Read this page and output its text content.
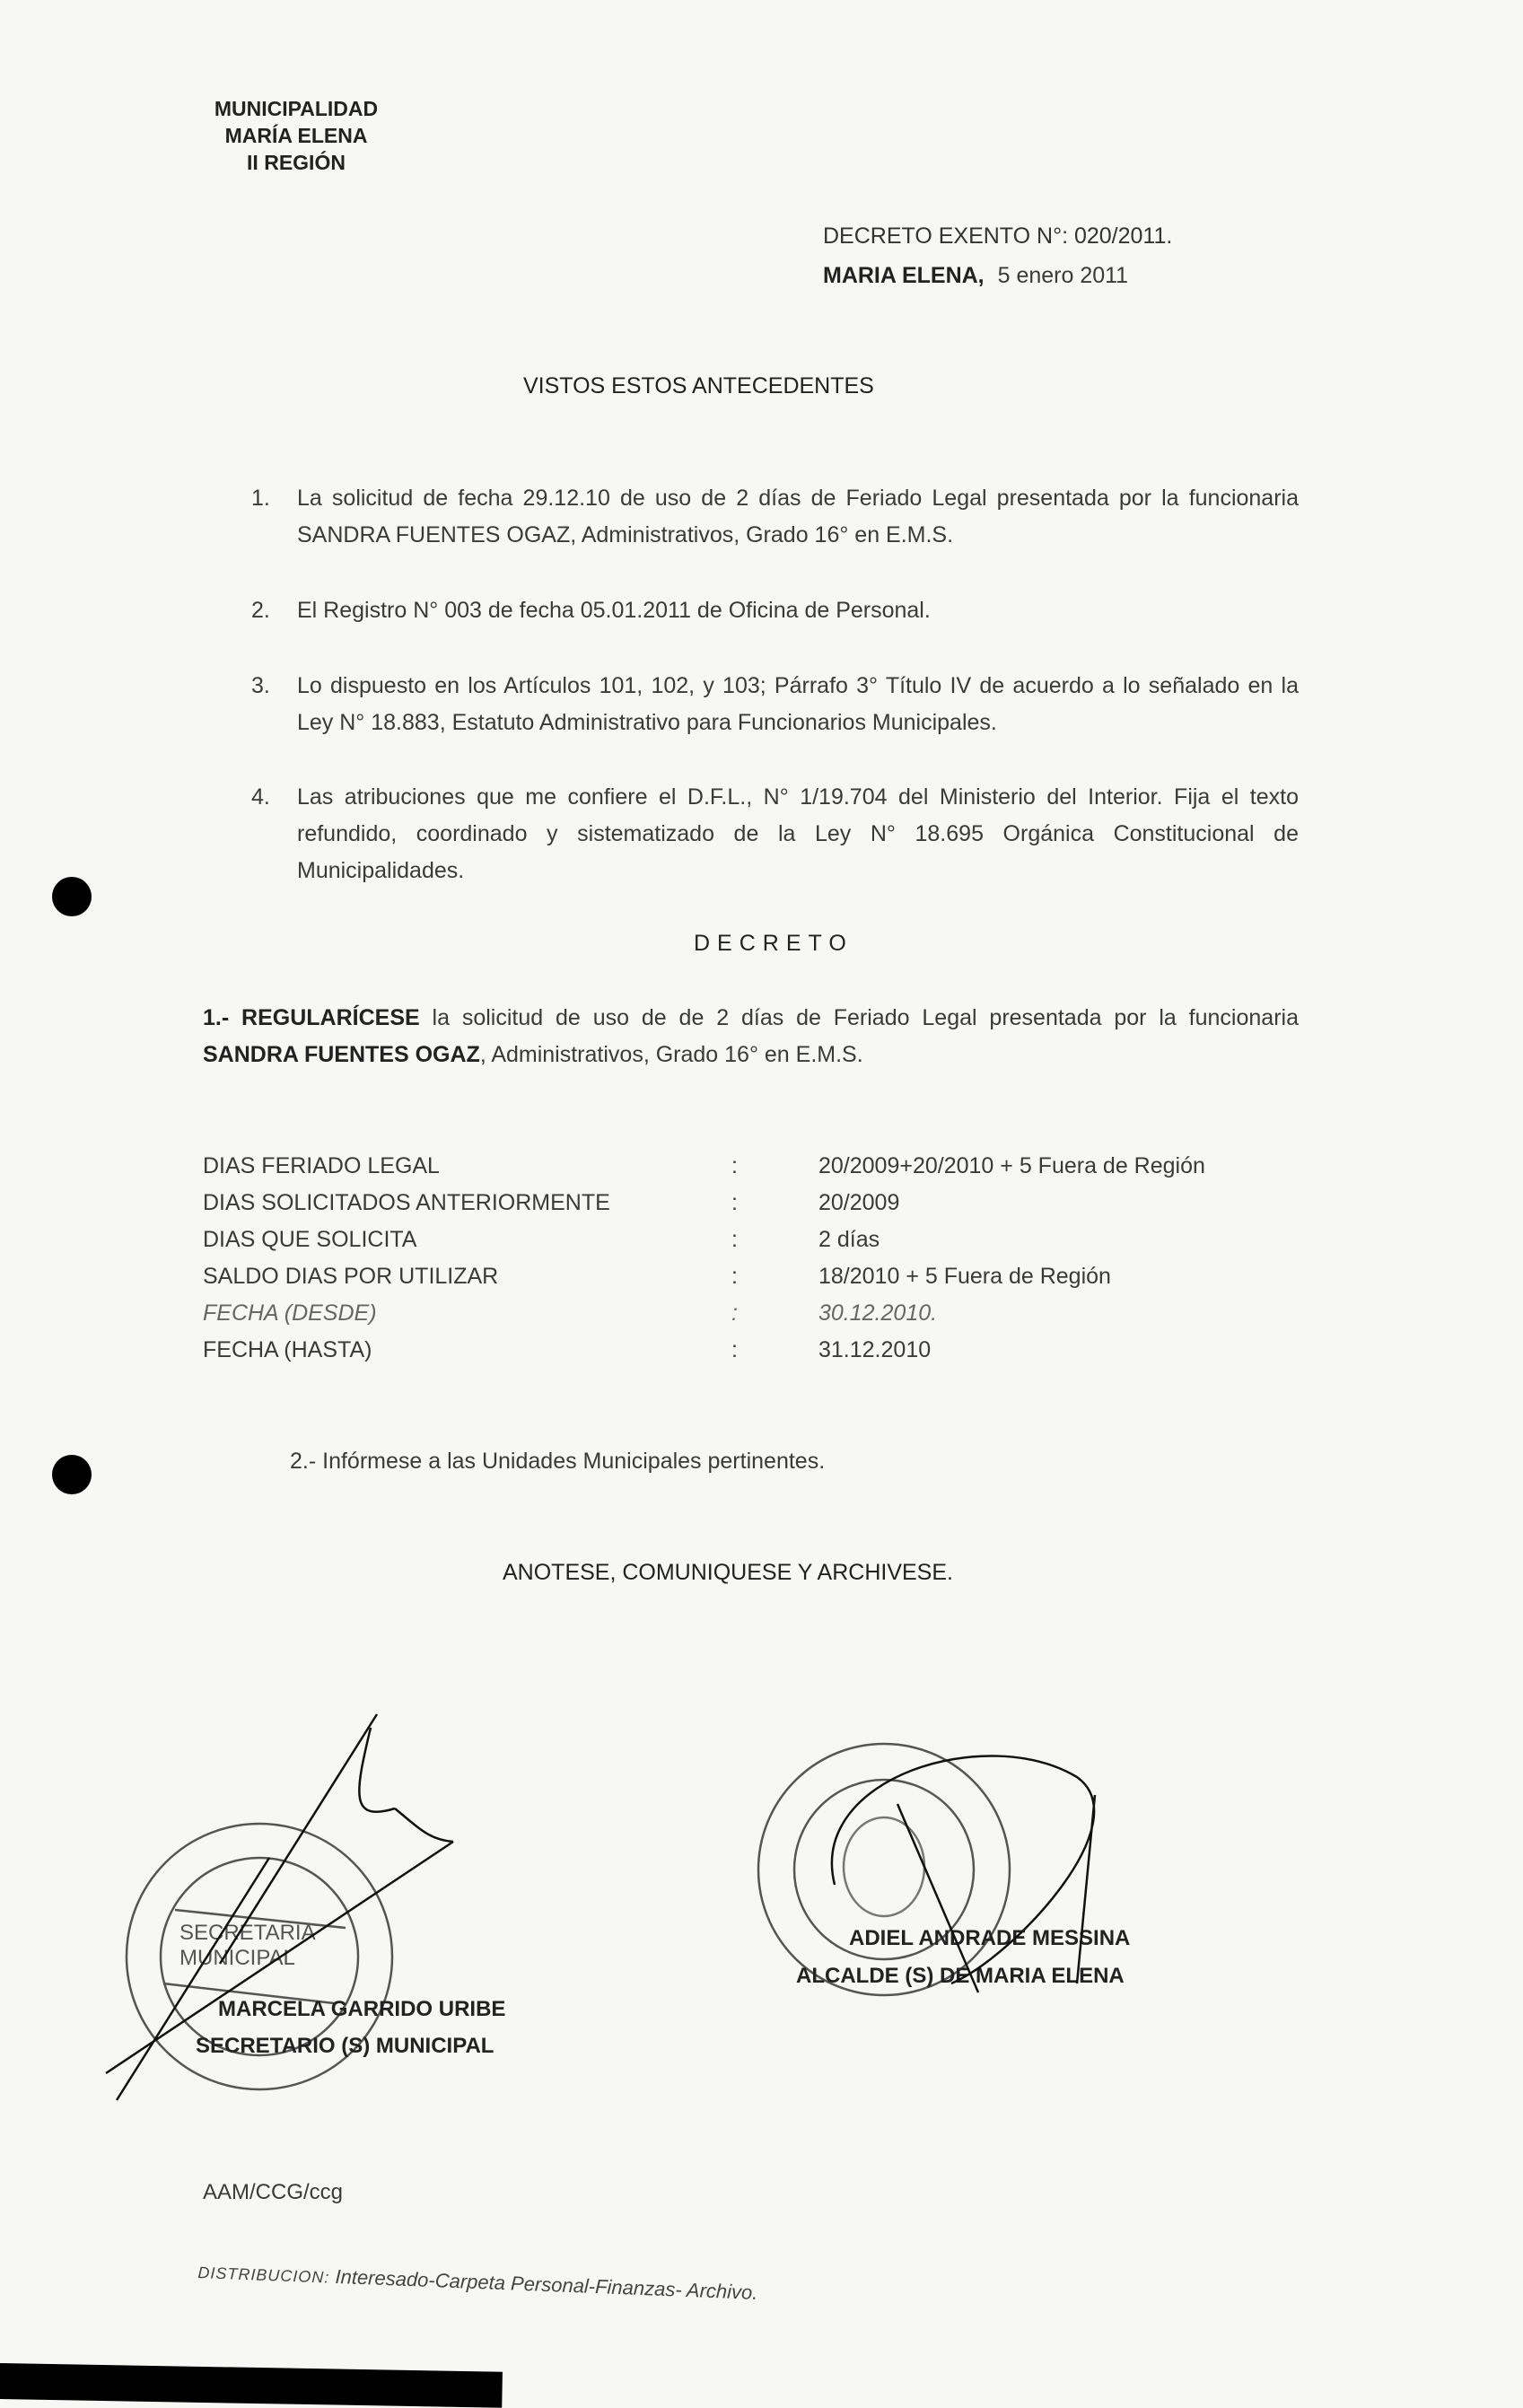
MUNICIPALIDAD
MARÍA ELENA
II REGIÓN
DECRETO EXENTO N°: 020/2011.
MARIA ELENA, 5 enero 2011
VISTOS ESTOS ANTECEDENTES
1. La solicitud de fecha 29.12.10 de uso de 2 días de Feriado Legal presentada por la funcionaria SANDRA FUENTES OGAZ, Administrativos, Grado 16° en E.M.S.
2. El Registro N° 003 de fecha 05.01.2011 de Oficina de Personal.
3. Lo dispuesto en los Artículos 101, 102, y 103; Párrafo 3° Título IV de acuerdo a lo señalado en la Ley N° 18.883, Estatuto Administrativo para Funcionarios Municipales.
4. Las atribuciones que me confiere el D.F.L., N° 1/19.704 del Ministerio del Interior. Fija el texto refundido, coordinado y sistematizado de la Ley N° 18.695 Orgánica Constitucional de Municipalidades.
DECRETO
1.- REGULARÍCESE la solicitud de uso de de 2 días de Feriado Legal presentada por la funcionaria SANDRA FUENTES OGAZ, Administrativos, Grado 16° en E.M.S.
DIAS FERIADO LEGAL	:	20/2009+20/2010 + 5 Fuera de Región
DIAS SOLICITADOS ANTERIORMENTE	:	20/2009
DIAS QUE SOLICITA	:	2 días
SALDO DIAS POR UTILIZAR	:	18/2010 + 5 Fuera de Región
FECHA (DESDE)	:	30.12.2010.
FECHA (HASTA)	:	31.12.2010
2.- Infórmese a las Unidades Municipales pertinentes.
ANOTESE, COMUNIQUESE Y ARCHIVESE.
SECRETARIA MUNICIPAL
MARCELA GARRIDO URIBE
SECRETARIO (S) MUNICIPAL
ADIEL ANDRADE MESSINA
ALCALDE (S) DE MARIA ELENA
AAM/CCG/ccg
DISTRIBUCION: Interesado-Carpeta Personal-Finanzas- Archivo.
